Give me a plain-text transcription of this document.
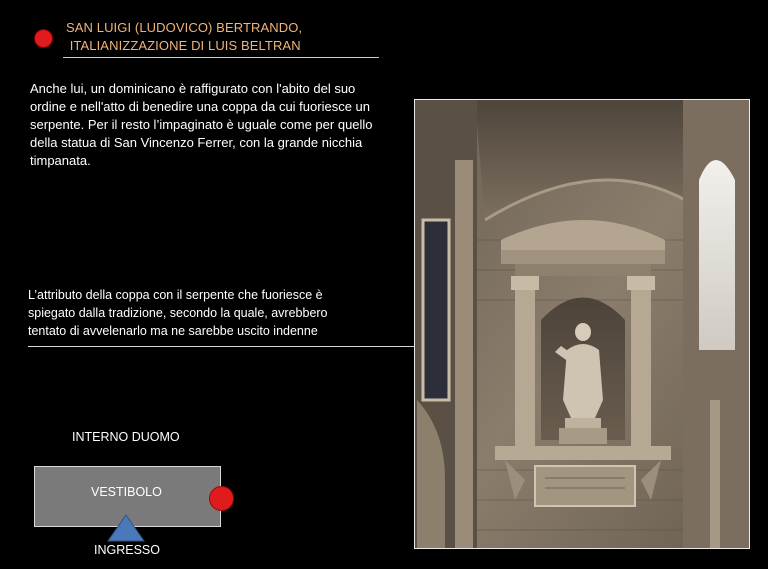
SAN LUIGI (LUDOVICO) BERTRANDO,
ITALIANIZZAZIONE DI LUIS BELTRAN
Anche lui, un dominicano è raffigurato con l'abito del suo
ordine e nell'atto di benedire una coppa da cui fuoriesce un
serpente. Per il resto l’impaginato è uguale come per quello
della statua di San Vincenzo Ferrer, con la grande nicchia
timpanata.
L’attributo della coppa con il serpente che fuoriesce è
spiegato dalla tradizione, secondo la quale, avrebbero
tentato di avvelenarlo ma ne sarebbe uscito indenne
INTERNO DUOMO
VESTIBOLO
INGRESSO
